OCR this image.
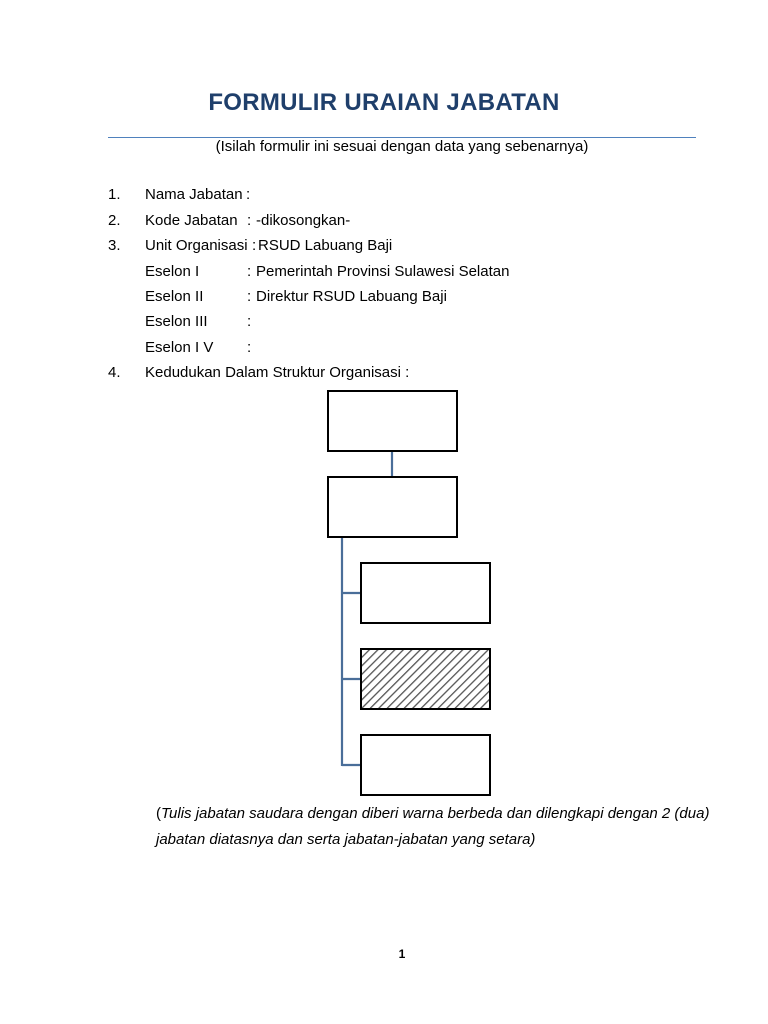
FORMULIR URAIAN JABATAN
(Isilah formulir ini sesuai dengan data yang sebenarnya)
1. Nama Jabatan :
2. Kode Jabatan : -dikosongkan-
3. Unit Organisasi : RSUD Labuang Baji
Eselon I	: Pemerintah Provinsi Sulawesi Selatan
Eselon II	: Direktur RSUD Labuang Baji
Eselon III	:
Eselon I V :
4. Kedudukan Dalam Struktur Organisasi :
(Tulis jabatan saudara dengan diberi warna berbeda dan dilengkapi dengan 2 (dua) jabatan diatasnya dan serta jabatan-jabatan yang setara)
1
